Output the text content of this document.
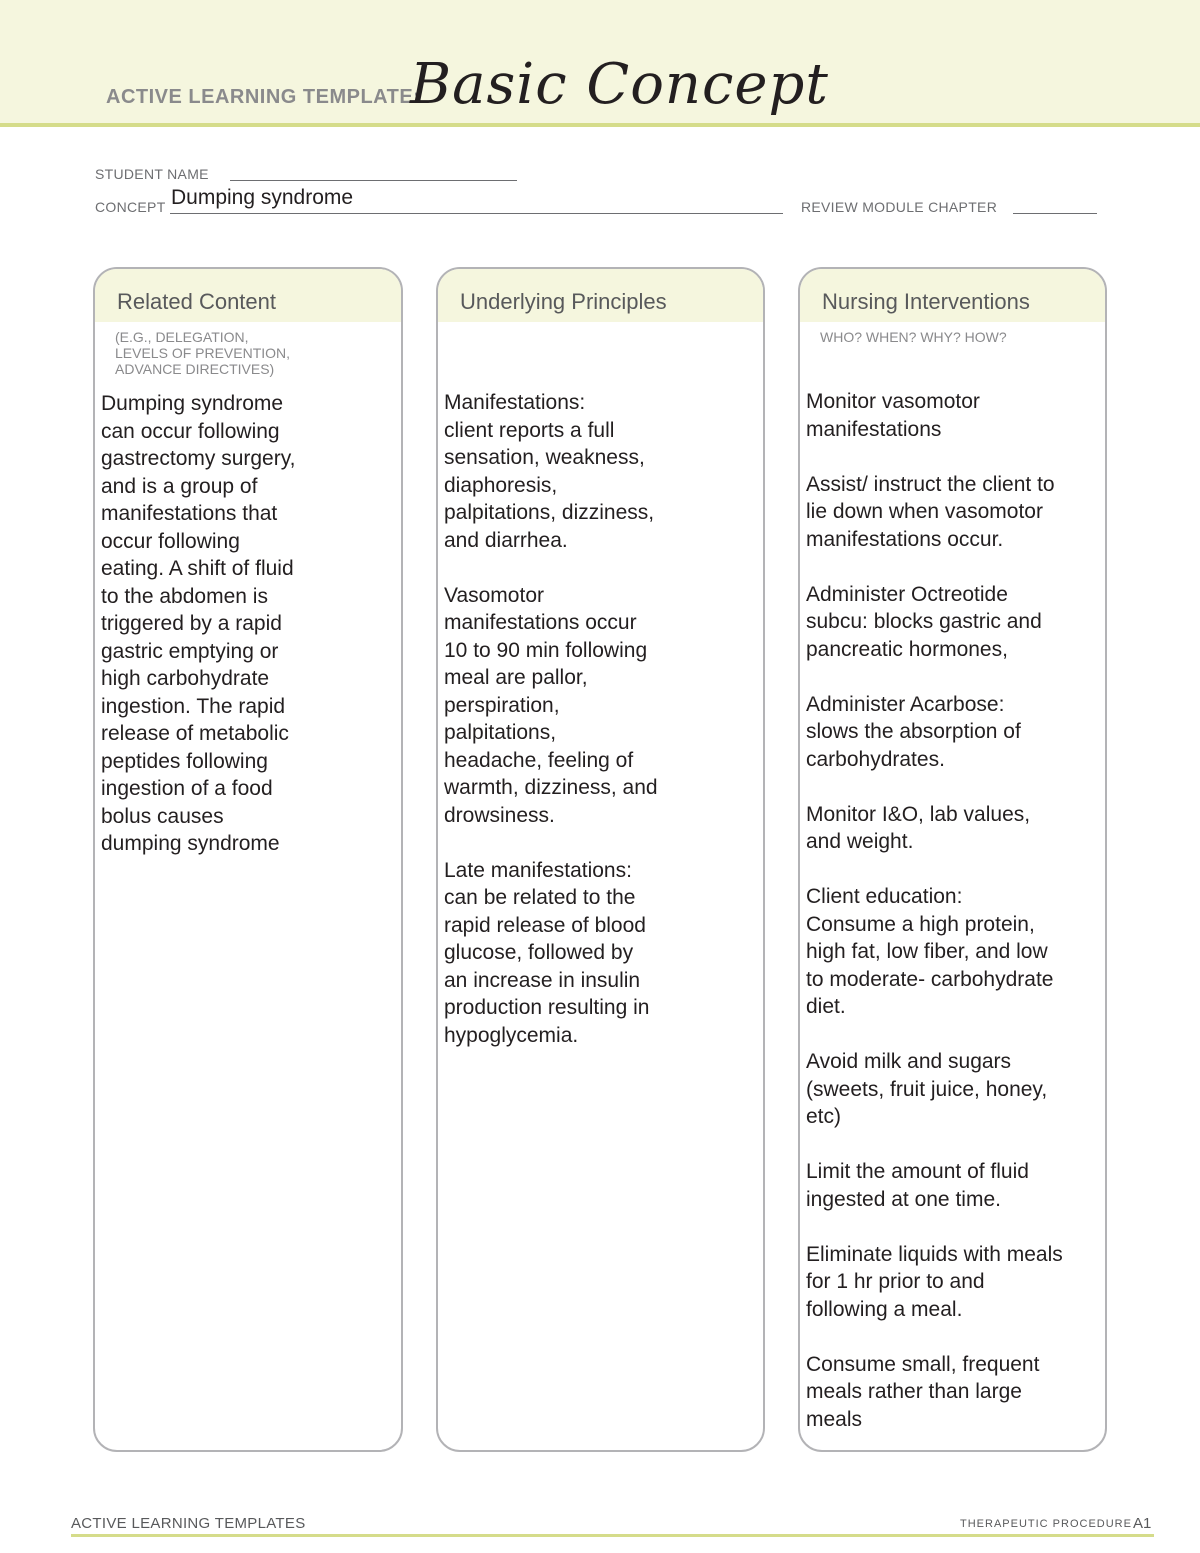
ACTIVE LEARNING TEMPLATE:
Basic Concept
STUDENT NAME
CONCEPT Dumping syndrome	REVIEW MODULE CHAPTER
Related Content
(E.G., DELEGATION,
LEVELS OF PREVENTION,
ADVANCE DIRECTIVES)
Dumping syndrome
can occur following
gastrectomy surgery,
and is a group of
manifestations that
occur following
eating. A shift of fluid
to the abdomen is
triggered by a rapid
gastric emptying or
high carbohydrate
ingestion. The rapid
release of metabolic
peptides following
ingestion of a food
bolus causes
dumping syndrome
Underlying Principles
Manifestations:
client reports a full
sensation, weakness,
diaphoresis,
palpitations, dizziness,
and diarrhea.

Vasomotor
manifestations occur
10 to 90 min following
meal are pallor,
perspiration,
palpitations,
headache, feeling of
warmth, dizziness, and
drowsiness.

Late manifestations:
can be related to the
rapid release of blood
glucose, followed by
an increase in insulin
production resulting in
hypoglycemia.
Nursing Interventions
WHO? WHEN? WHY? HOW?
Monitor vasomotor
manifestations

Assist/ instruct the client to
lie down when vasomotor
manifestations occur.

Administer Octreotide
subcu: blocks gastric and
pancreatic hormones,

Administer Acarbose:
slows the absorption of
carbohydrates.

Monitor I&O, lab values,
and weight.

Client education:
Consume a high protein,
high fat, low fiber, and low
to moderate- carbohydrate
diet.

Avoid milk and sugars
(sweets, fruit juice, honey,
etc)

Limit the amount of fluid
ingested at one time.

Eliminate liquids with meals
for 1 hr prior to and
following a meal.

Consume small, frequent
meals rather than large
meals
ACTIVE LEARNING TEMPLATES	THERAPEUTIC PROCEDURE A1
